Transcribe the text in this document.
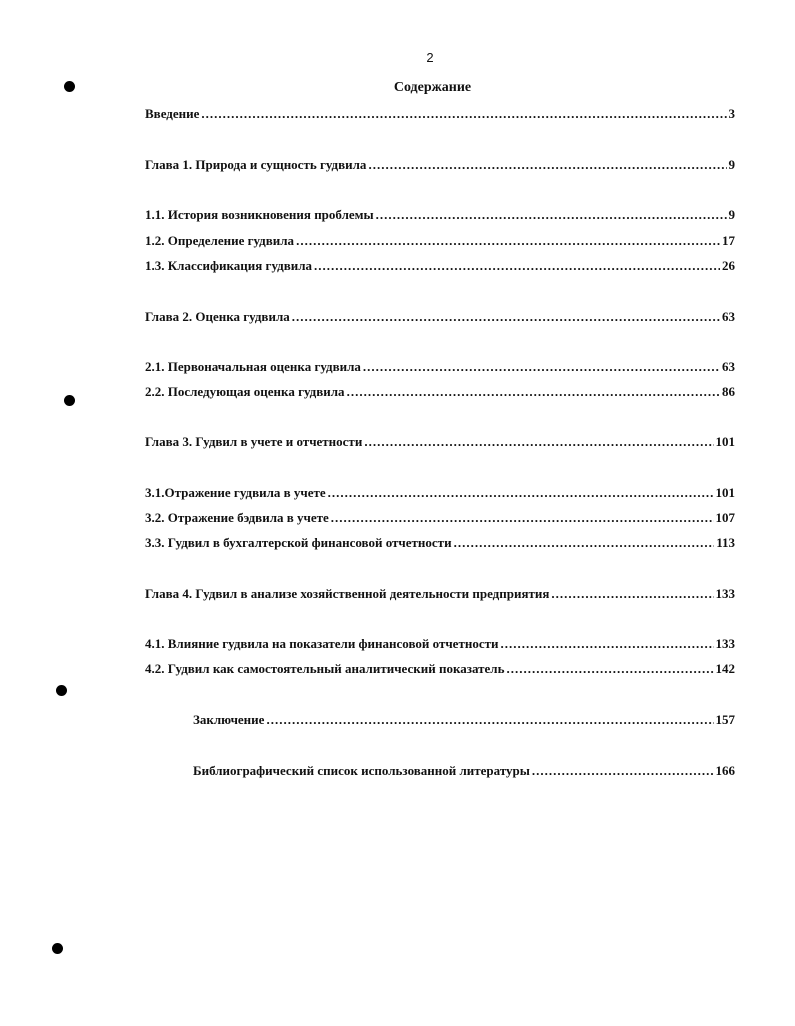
2
Содержание
Введение .....	3
Глава 1. Природа и сущность гудвила .....	9
1.1. История возникновения проблемы .....	9
1.2. Определение гудвила .....	17
1.3. Классификация гудвила .....	26
Глава 2. Оценка гудвила .....	63
2.1. Первоначальная оценка гудвила .....	63
2.2. Последующая оценка гудвила .....	86
Глава 3. Гудвил в учете и отчетности .....	101
3.1.Отражение гудвила в учете .....	101
3.2. Отражение бэдвила в учете .....	107
3.3. Гудвил в бухгалтерской финансовой отчетности .....	113
Глава 4. Гудвил в анализе хозяйственной деятельности предприятия .....	133
4.1. Влияние гудвила на показатели финансовой отчетности .....	133
4.2. Гудвил как самостоятельный аналитический показатель .....	142
Заключение .....	157
Библиографический список использованной литературы .....	166
